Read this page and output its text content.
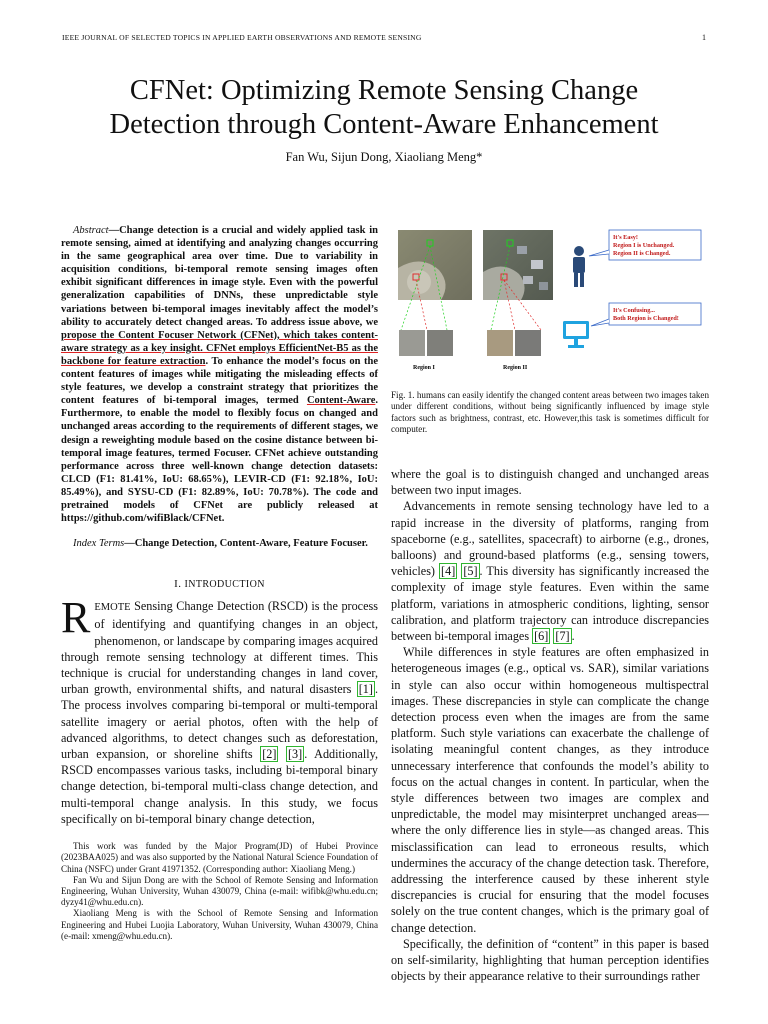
IEEE JOURNAL OF SELECTED TOPICS IN APPLIED EARTH OBSERVATIONS AND REMOTE SENSING	1
CFNet: Optimizing Remote Sensing Change
Detection through Content-Aware Enhancement
Fan Wu, Sijun Dong, Xiaoliang Meng*

Abstract—Change detection is a crucial and widely applied task in remote sensing, aimed at identifying and analyzing changes occurring in the same geographical area over time. Due to variability in acquisition conditions, bi-temporal remote sensing images often exhibit significant differences in image style. Even with the powerful generalization capabilities of DNNs, these unpredictable style variations between bi-temporal images inevitably affect the model’s ability to accurately detect changed areas. To address issue above, we propose the Content Focuser Network (CFNet), which takes content-aware strategy as a key insight. CFNet employs EfficientNet-B5 as the backbone for feature extraction. To enhance the model’s focus on the content features of images while mitigating the misleading effects of style features, we develop a constraint strategy that prioritizes the content features of bi-temporal images, termed Content-Aware. Furthermore, to enable the model to flexibly focus on changed and unchanged areas according to the requirements of different stages, we design a reweighting module based on the cosine distance between bi-temporal image features, termed Focuser. CFNet achieve outstanding performance across three well-known change detection datasets: CLCD (F1: 81.41%, IoU: 68.65%), LEVIR-CD (F1: 92.18%, IoU: 85.49%), and SYSU-CD (F1: 82.89%, IoU: 70.78%). The code and pretrained models of CFNet are publicly released at https://github.com/wifiBlack/CFNet.

Index Terms—Change Detection, Content-Aware, Feature Focuser.

I. INTRODUCTION

REMOTE Sensing Change Detection (RSCD) is the process of identifying and quantifying changes in an object, phenomenon, or landscape by comparing images acquired through remote sensing technology at different times. This technique is crucial for understanding changes in land cover, urban growth, environmental shifts, and natural disasters [1] . The process involves comparing bi-temporal or multi-temporal satellite imagery or aerial photos, often with the help of advanced algorithms, to detect changes such as deforestation, urban expansion, or shoreline shifts [2] [3] . Additionally, RSCD encompasses various tasks, including bi-temporal binary change detection, bi-temporal multi-class change detection, and multi-temporal change analysis. In this study, we focus specifically on bi-temporal binary change detection,

This work was funded by the Major Program(JD) of Hubei Province (2023BAA025) and was also supported by the National Natural Science Foundation of China (NSFC) under Grant 41971352. (Corresponding author: Xiaoliang Meng.)

Fan Wu and Sijun Dong are with the School of Remote Sensing and Information Engineering, Wuhan University, Wuhan 430079, China (e-mail: wifibk@whu.edu.cn; dyzy41@whu.edu.cn).

Xiaoliang Meng is with the School of Remote Sensing and Information Engineering and Hubei Luojia Laboratory, Wuhan University, Wuhan 430079, China (e-mail: xmeng@whu.edu.cn).

Region I	Region II
It's Easy!
Region I is Unchanged.
Region II is Changed.
It's Confusing...
Both Region is Changed!

Fig. 1. humans can easily identify the changed content areas between two images taken under different conditions, without being significantly influenced by image style factors such as brightness, contrast, etc. However,this task is sometimes difficult for computer.

where the goal is to distinguish changed and unchanged areas between two input images.

Advancements in remote sensing technology have led to a rapid increase in the diversity of platforms, ranging from spaceborne (e.g., satellites, spacecraft) to airborne (e.g., drones, balloons) and ground-based platforms (e.g., sensing towers, vehicles) [4] [5] . This diversity has significantly increased the complexity of image style features. Even within the same platform, variations in atmospheric conditions, lighting, sensor calibration, and platform trajectory can introduce discrepancies between bi-temporal images [6] [7] .

While differences in style features are often emphasized in heterogeneous images (e.g., optical vs. SAR), similar variations in style can also occur within homogeneous multispectral images. These discrepancies in style can complicate the change detection process even when the images are from the same platform. Such style variations can exacerbate the challenge of isolating meaningful content changes, as they introduce unnecessary interference that confounds the model’s ability to focus on the actual changes in content. In particular, when the style differences between two images are complex and unpredictable, the model may misinterpret unchanged areas—where the only difference lies in style—as changed areas. This misclassification can lead to erroneous results, which undermines the accuracy of the change detection task. Therefore, addressing the interference caused by these inherent style discrepancies is crucial for ensuring that the model focuses solely on the true content changes, which is the primary goal of change detection.

Specifically, the definition of “content” in this paper is based on self-similarity, highlighting that human perception identifies objects by their appearance relative to their surroundings rather
